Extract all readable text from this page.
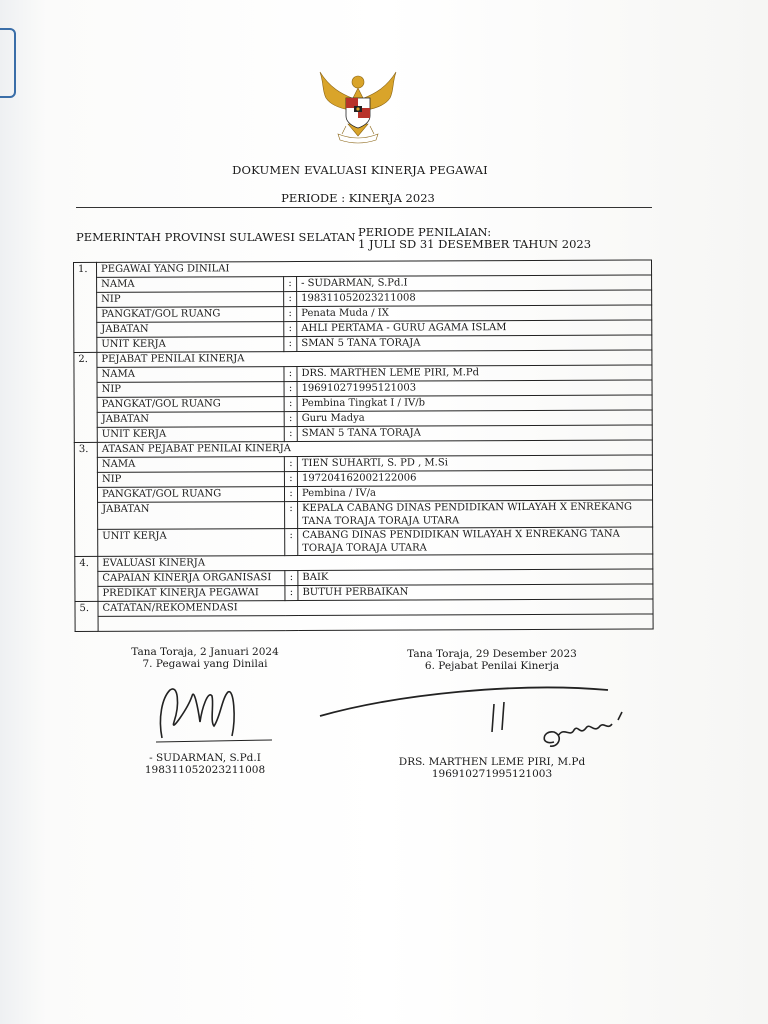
DOKUMEN EVALUASI KINERJA PEGAWAI
PERIODE : KINERJA 2023
PEMERINTAH PROVINSI SULAWESI SELATAN PERIODE PENILAIAN:
1 JULI SD 31 DESEMBER TAHUN 2023
1.	PEGAWAI YANG DINILAI		
	NAMA	:	- SUDARMAN, S.Pd.I
	NIP	:	198311052023211008
	PANGKAT/GOL RUANG	:	Penata Muda / IX
	JABATAN	:	AHLI PERTAMA - GURU AGAMA ISLAM
	UNIT KERJA	:	SMAN 5 TANA TORAJA
2.	PEJABAT PENILAI KINERJA		
	NAMA	:	DRS. MARTHEN LEME PIRI, M.Pd
	NIP	:	196910271995121003
	PANGKAT/GOL RUANG	:	Pembina Tingkat I / IV/b
	JABATAN	:	Guru Madya
	UNIT KERJA	:	SMAN 5 TANA TORAJA
3.	ATASAN PEJABAT PENILAI KINERJA		
	NAMA	:	TIEN SUHARTI, S. PD , M.Si
	NIP	:	197204162002122006
	PANGKAT/GOL RUANG	:	Pembina / IV/a
	JABATAN	:	KEPALA CABANG DINAS PENDIDIKAN WILAYAH X ENREKANG TANA TORAJA TORAJA UTARA
	UNIT KERJA	:	CABANG DINAS PENDIDIKAN WILAYAH X ENREKANG TANA TORAJA TORAJA UTARA
4.	EVALUASI KINERJA		
	CAPAIAN KINERJA ORGANISASI	:	BAIK
	PREDIKAT KINERJA PEGAWAI	:	BUTUH PERBAIKAN
5.	CATATAN/REKOMENDASI		

Tana Toraja, 2 Januari 2024
7. Pegawai yang Dinilai
- SUDARMAN, S.Pd.I
198311052023211008
Tana Toraja, 29 Desember 2023
6. Pejabat Penilai Kinerja
DRS. MARTHEN LEME PIRI, M.Pd
196910271995121003
